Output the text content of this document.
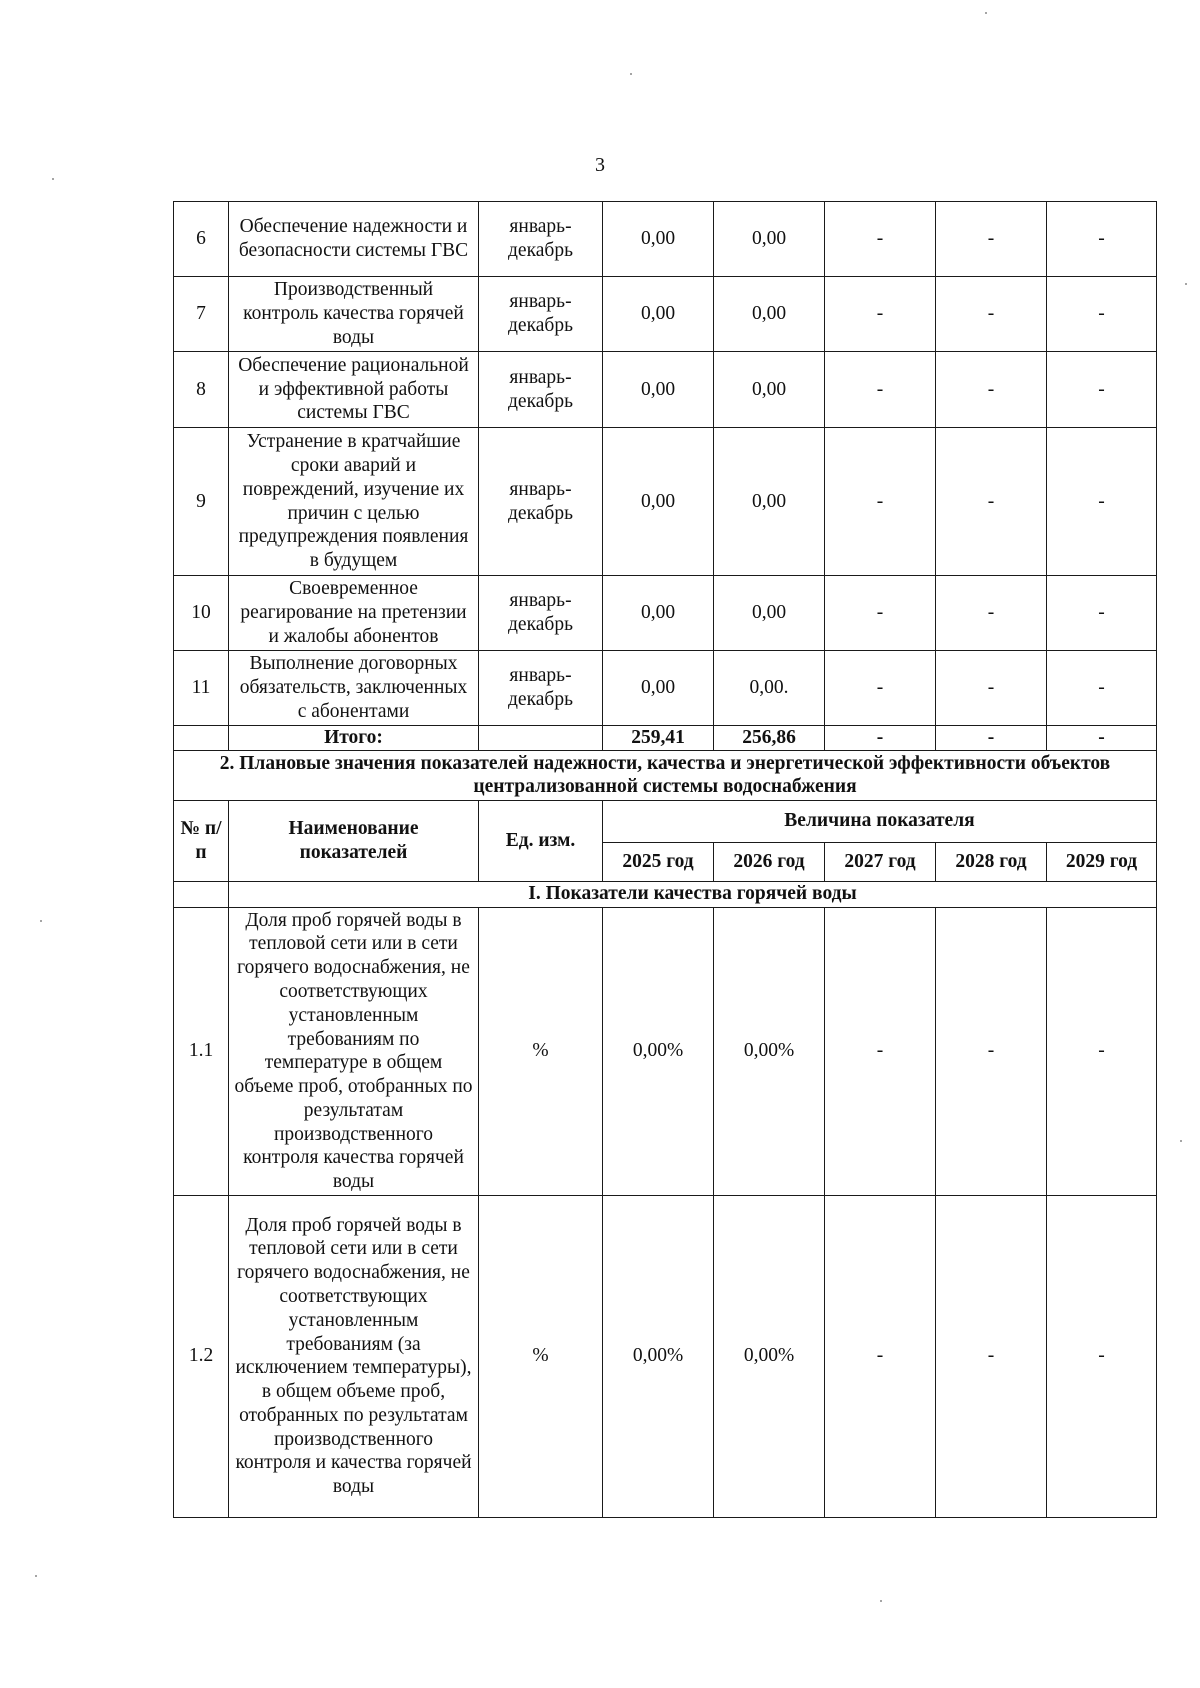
3
6	Обеспечение надежности и безопасности системы ГВС	январь-декабрь	0,00	0,00	-	-	-
7	Производственный контроль качества горячей воды	январь-декабрь	0,00	0,00	-	-	-
8	Обеспечение рациональной и эффективной работы системы ГВС	январь-декабрь	0,00	0,00	-	-	-
9	Устранение в кратчайшие сроки аварий и повреждений, изучение их причин с целью предупреждения появления в будущем	январь-декабрь	0,00	0,00	-	-	-
10	Своевременное реагирование на претензии и жалобы абонентов	январь-декабрь	0,00	0,00	-	-	-
11	Выполнение договорных обязательств, заключенных с абонентами	январь-декабрь	0,00	0,00.	-	-	-
	Итого:		259,41	256,86	-	-	-
2. Плановые значения показателей надежности, качества и энергетической эффективности объектов централизованной системы водоснабжения							
№ п/п	Наименование показателей	Ед. изм.	Величина показателя				
			2025 год	2026 год	2027 год	2028 год	2029 год
	I. Показатели качества горячей воды						
1.1	Доля проб горячей воды в тепловой сети или в сети горячего водоснабжения, не соответствующих установленным требованиям по температуре в общем объеме проб, отобранных по результатам производственного контроля качества горячей воды	%	0,00%	0,00%	-	-	-
1.2	Доля проб горячей воды в тепловой сети или в сети горячего водоснабжения, не соответствующих установленным требованиям (за исключением температуры), в общем объеме проб, отобранных по результатам производственного контроля и качества горячей воды	%	0,00%	0,00%	-	-	-
